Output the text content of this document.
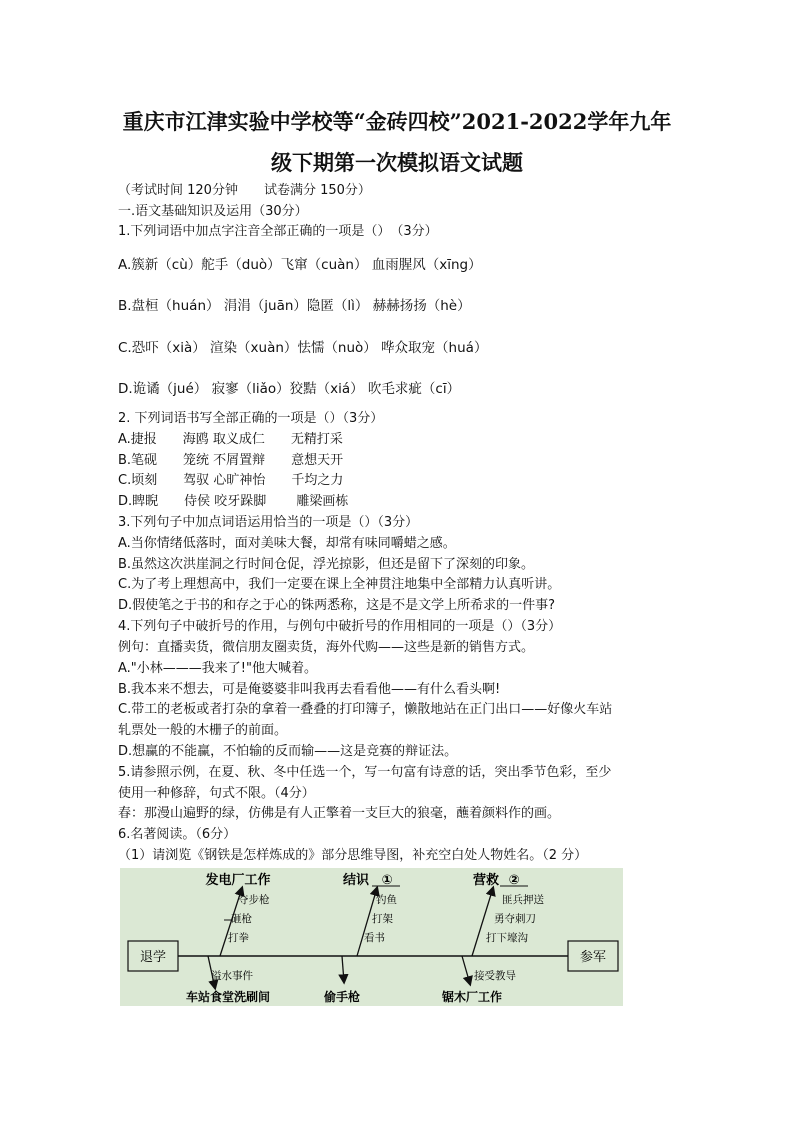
重庆市江津实验中学校等“金砖四校”2021-2022学年九年
级下期第一次模拟语文试题
（考试时间 120分钟　　试卷满分 150分）
一.语文基础知识及运用（30分）
1.下列词语中加点字注音全部正确的一项是（）　（3分）
A.簇新（cù）舵手（duò）飞窜（cuàn） 血雨腥风（xīng）
B.盘桓（huán） 涓涓（juān）隐匿（lì） 赫赫扬扬（hè）
C.恐吓（xià） 渲染（xuàn）怯懦（nuò） 哗众取宠（huá）
D.诡谲（jué） 寂寥（liǎo）狡黠（xiá） 吹毛求疵（cī）
2. 下列词语书写全部正确的一项是（）（3分）
A.捷报　　海鸥 取义成仁　　无精打采
B.笔砚　　笼统 不屑置辩　　意想天开
C.顷刻　　驾驭 心旷神怡　　千均之力
D.睥睨　　侍侯 咬牙跺脚　　 雕梁画栋
3.下列句子中加点词语运用恰当的一项是（）（3分）
A.当你情绪低落时，面对美味大餐，却常有味同嚼蜡之感。
B.虽然这次洪崖洞之行时间仓促，浮光掠影，但还是留下了深刻的印象。
C.为了考上理想高中，我们一定要在课上全神贯注地集中全部精力认真听讲。
D.假使笔之于书的和存之于心的铢两悉称，这是不是文学上所希求的一件事?
4.下列句子中破折号的作用，与例句中破折号的作用相同的一项是（）（3分）
例句：直播卖货，微信朋友圈卖货，海外代购——这些是新的销售方式。
A."小林———我来了!"他大喊着。
B.我本来不想去，可是俺婆婆非叫我再去看看他——有什么看头啊!
C.带工的老板或者打杂的拿着一叠叠的打印簿子，懒散地站在正门出口——好像火车站
轧票处一般的木栅子的前面。
D.想赢的不能赢，不怕输的反而输——这是竞赛的辩证法。
5.请参照示例，在夏、秋、冬中任选一个，写一句富有诗意的话，突出季节色彩，至少
使用一种修辞，句式不限。（4分）
春：那漫山遍野的绿，仿佛是有人正擎着一支巨大的狼毫，蘸着颜料作的画。
6.名著阅读。（6分）
（1）请浏览《钢铁是怎样炼成的》部分思维导图，补充空白处人物姓名。（2 分）
退学	参军
发电厂工作	结识 ①	营救 ②
夺步枪
砸枪
打拳
钓鱼
打架
看书
匪兵押送
勇夺刺刀
打下壕沟
溢水事件	接受教导
车站食堂洗刷间	偷手枪	锯木厂工作
